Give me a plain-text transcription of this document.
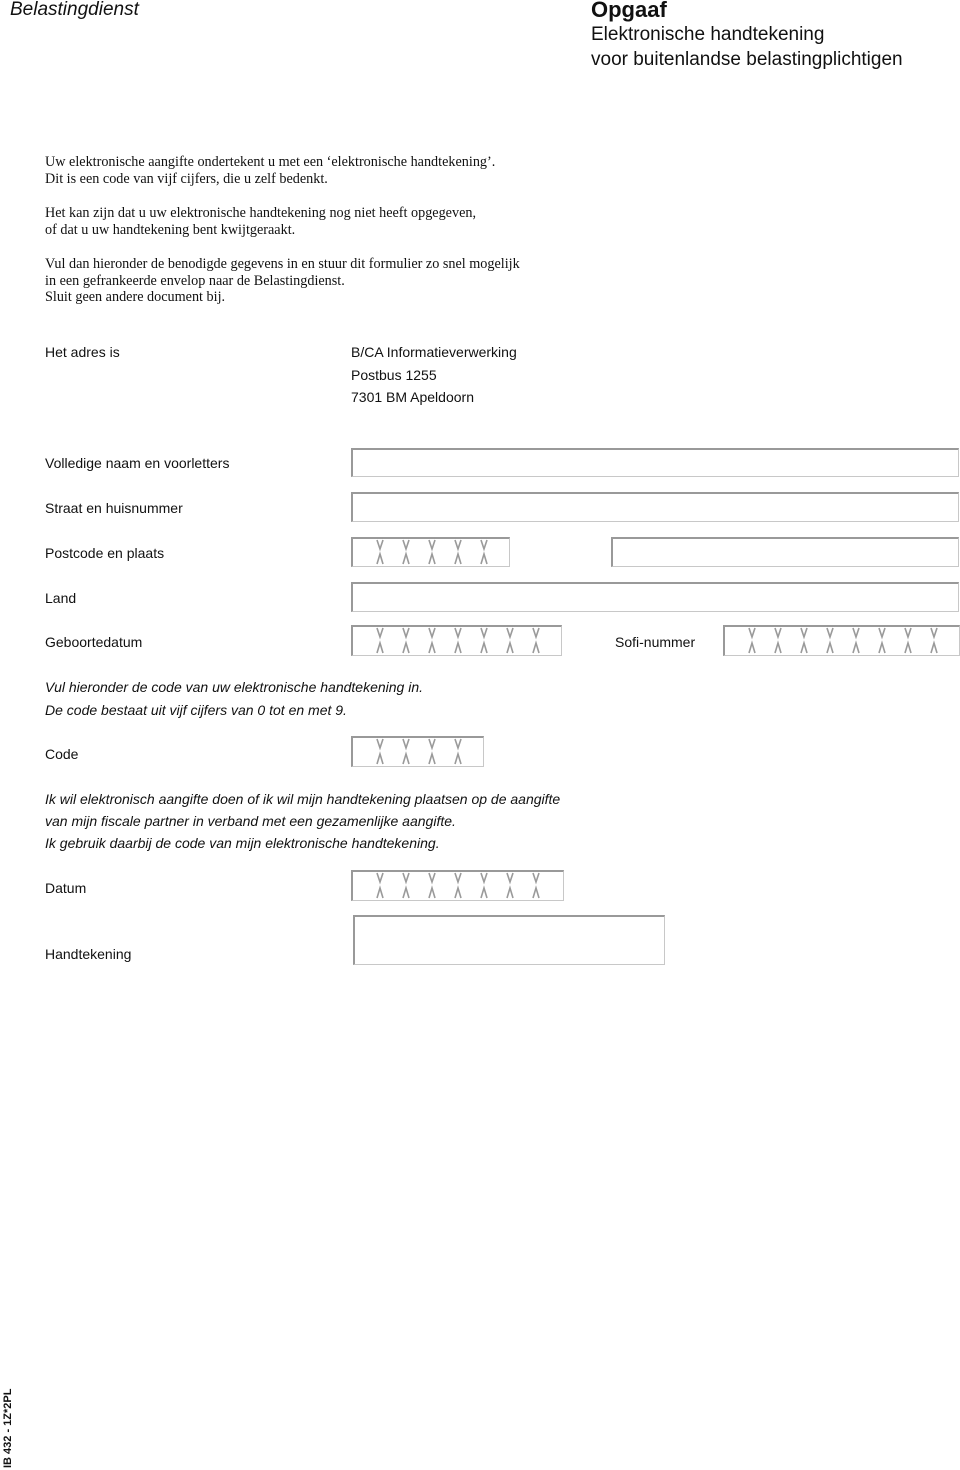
Belastingdienst	Opgaaf
Elektronische handtekening
voor buitenlandse belastingplichtigen

Uw elektronische aangifte ondertekent u met een ‘elektronische handtekening’.

Dit is een code van vijf cijfers, die u zelf bedenkt.

Het kan zijn dat u uw elektronische handtekening nog niet heeft opgegeven,

of dat u uw handtekening bent kwijtgeraakt.

Vul dan hieronder de benodigde gegevens in en stuur dit formulier zo snel mogelijk

in een gefrankeerde envelop naar de Belastingdienst.

Sluit geen andere document bij.

Het adres is	B/CA Informatieverwerking
Postbus 1255
7301 BM Apeldoorn
Volledige naam en voorletters
Straat en huisnummer
Postcode en plaats
Land
Geboortedatum	Sofi-nummer
Vul hieronder de code van uw elektronische handtekening in.
De code bestaat uit vijf cijfers van 0 tot en met 9.
Code
Ik wil elektronisch aangifte doen of ik wil mijn handtekening plaatsen op de aangifte
van mijn fiscale partner in verband met een gezamenlijke aangifte.
Ik gebruik daarbij de code van mijn elektronische handtekening.
Datum
Handtekening
IB 432 - 1Z*2PL
